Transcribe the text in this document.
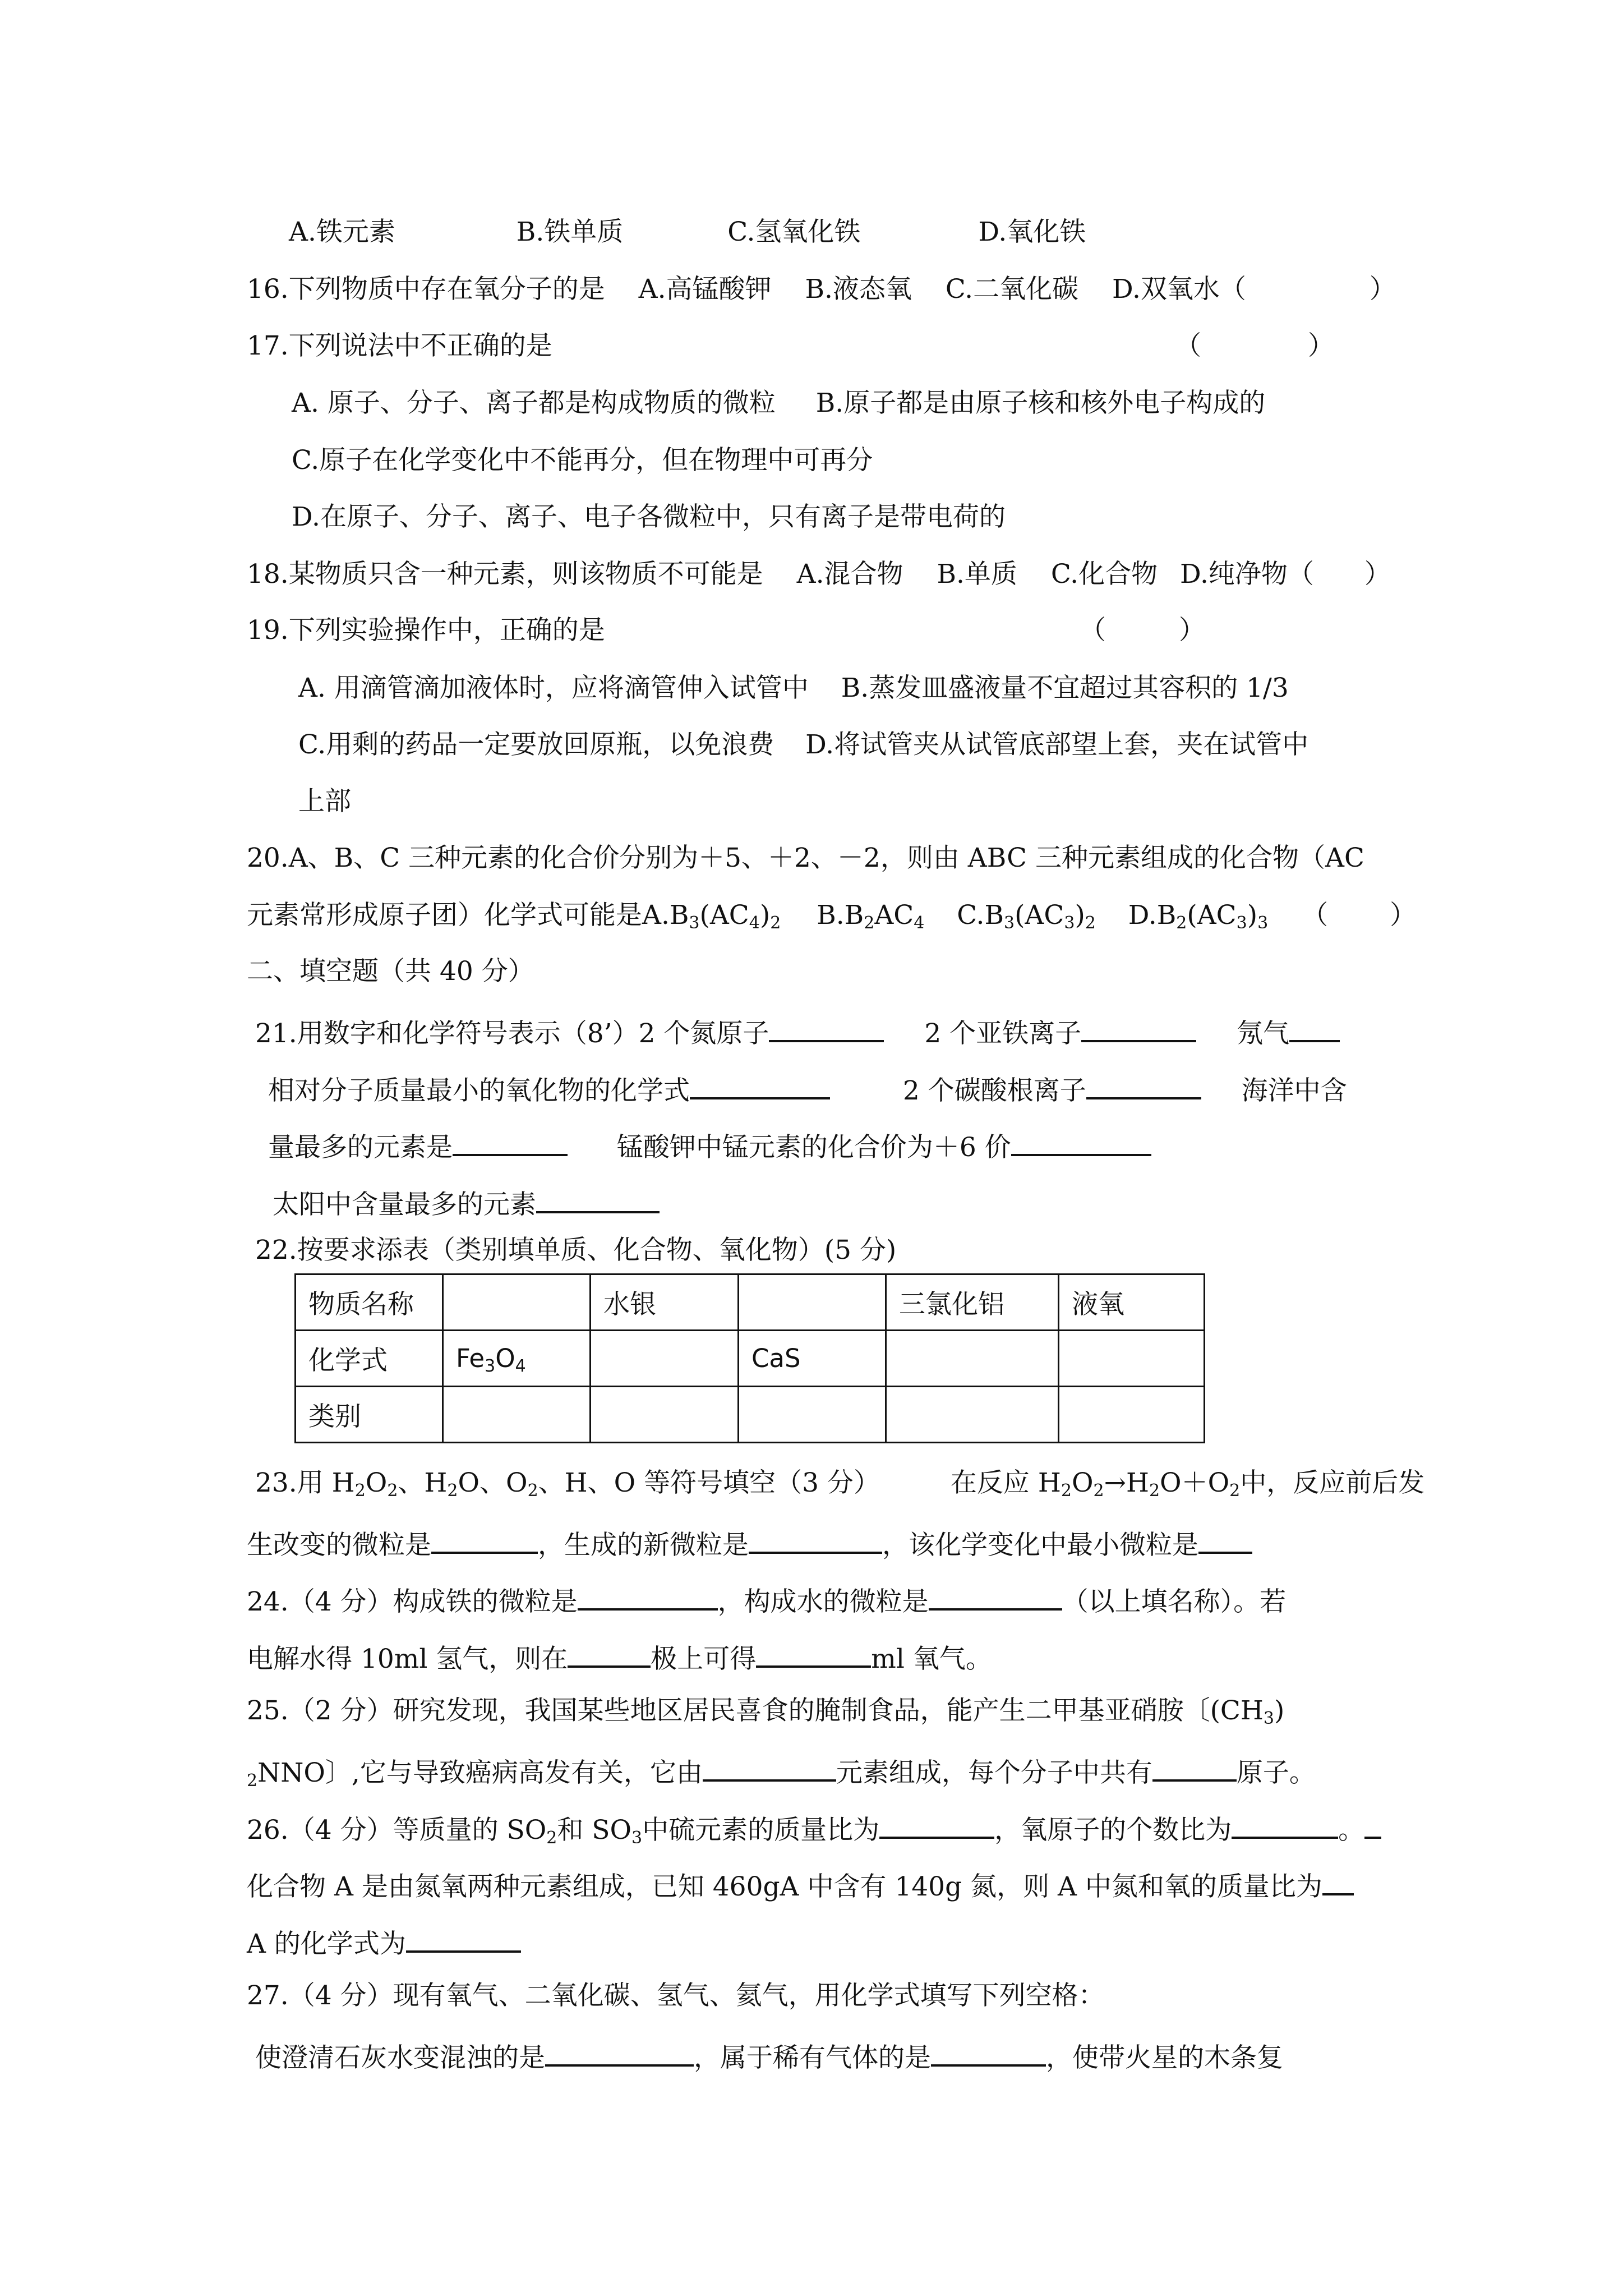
A.铁元素	B.铁单质	C.氢氧化铁	D.氧化铁
16.下列物质中存在氧分子的是 A.高锰酸钾 B.液态氧 C.二氧化碳 D.双氧水（	）
17.下列说法中不正确的是	（	）
A. 原子、分子、离子都是构成物质的微粒 B.原子都是由原子核和核外电子构成的
C.原子在化学变化中不能再分，但在物理中可再分
D.在原子、分子、离子、电子各微粒中，只有离子是带电荷的
18.某物质只含一种元素，则该物质不可能是 A.混合物 B.单质 C.化合物 D.纯净物（ ）
19.下列实验操作中，正确的是	（	）
A. 用滴管滴加液体时，应将滴管伸入试管中 B.蒸发皿盛液量不宜超过其容积的 1/3
C.用剩的药品一定要放回原瓶，以免浪费 D.将试管夹从试管底部望上套，夹在试管中
上部
20.A、B、C 三种元素的化合价分别为＋5、＋2、－2，则由 ABC 三种元素组成的化合物（AC
元素常形成原子团）化学式可能是$A.B_3(AC_4)_2$ $B.B_2AC_4$ $C.B_3(AC_3)_2$ $D.B_2(AC_3)_3$ （ ）
二、填空题（共 40 分）
21.用数字和化学符号表示（8’）2 个氮原子	2 个亚铁离子	氖气
相对分子质量最小的氧化物的化学式	2 个碳酸根离子	海洋中含
量最多的元素是	锰酸钾中锰元素的化合价为＋6 价
太阳中含量最多的元素
22.按要求添表（类别填单质、化合物、氧化物）(5 分)
物质名称		水银		三氯化铝	液氧
化学式	$Fe_3O_4$		CaS		
类别					
23.用 $H_2O_2$、$H_2O$、$O_2$、H、O 等符号填空（3 分）	在反应 $H_2O_2\to H_2O+O_2$中，反应前后发
生改变的微粒是	，生成的新微粒是	，该化学变化中最小微粒是
24.（4 分）构成铁的微粒是	，构成水的微粒是	（以上填名称）。若
电解水得 10ml 氢气，则在	极上可得	ml 氧气。
25.（2 分）研究发现，我国某些地区居民喜食的腌制食品，能产生二甲基亚硝胺〔$(CH_3)$
$_2$NNO〕,它与导致癌病高发有关，它由	元素组成，每个分子中共有	原子。
26.（4 分）等质量的 $SO_2$和 $SO_3$中硫元素的质量比为	，氧原子的个数比为	。
化合物 A 是由氮氧两种元素组成，已知 460gA 中含有 140g 氮，则 A 中氮和氧的质量比为
A 的化学式为
27.（4 分）现有氧气、二氧化碳、氢气、氦气，用化学式填写下列空格：
使澄清石灰水变混浊的是	，属于稀有气体的是	，使带火星的木条复
